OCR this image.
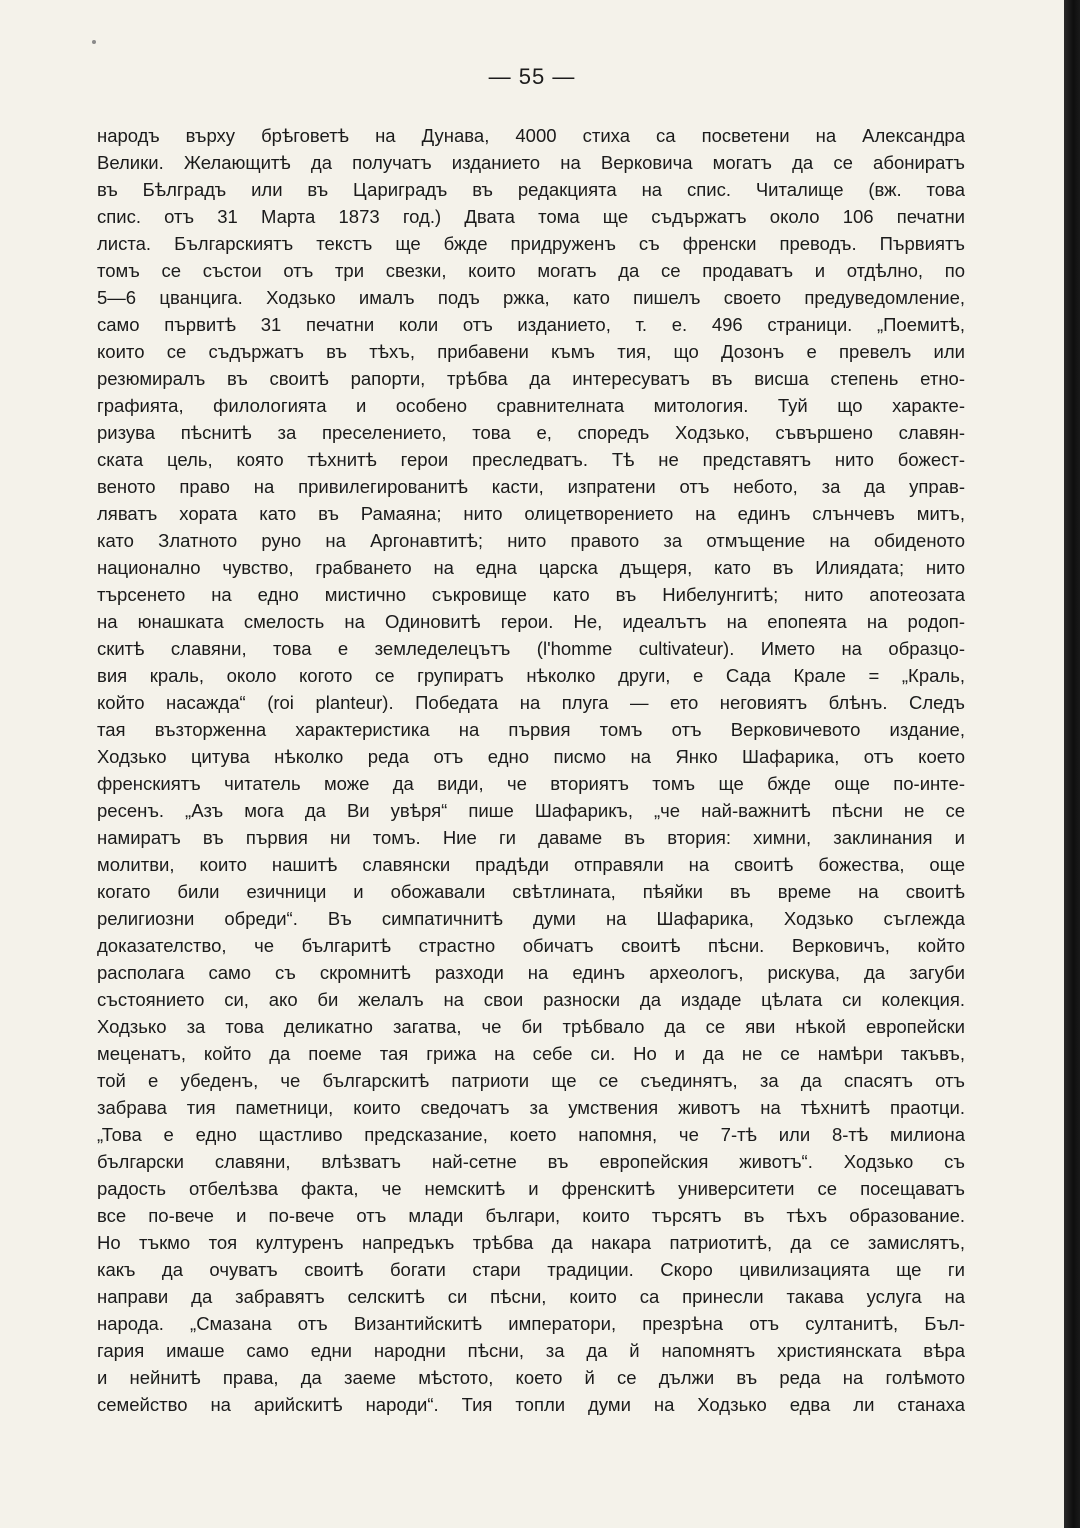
— 55 —
народъ върху брѣговетѣ на Дунава, 4000 стиха са посветени на Александра
Велики. Желающитѣ да получатъ изданието на Верковича могатъ да се абониратъ
въ Бѣлградъ или въ Цариградъ въ редакцията на спис. Читалище (вж. това
спис. отъ 31 Марта 1873 год.) Двата тома ще съдържатъ около 106 печатни
листа. Българскиятъ текстъ ще бжде придруженъ съ френски преводъ. Първиятъ
томъ се състои отъ три свезки, които могатъ да се продаватъ и отдѣлно, по
5—6 цванцига. Ходзько ималъ подъ ржка, като пишелъ своето предуведомление,
само първитѣ 31 печатни коли отъ изданието, т. е. 496 страници. „Поемитѣ,
които се съдържатъ въ тѣхъ, прибавени къмъ тия, що Дозонъ е превелъ или
резюмиралъ въ своитѣ рапорти, трѣбва да интересуватъ въ висша степень етно-
графията, филологията и особено сравнителната митология. Туй що характе-
ризува пѣснитѣ за преселението, това е, споредъ Ходзько, съвършено славян-
ската цель, която тѣхнитѣ герои преследватъ. Тѣ не представятъ нито божест-
веното право на привилегированитѣ касти, изпратени отъ небото, за да управ-
ляватъ хората като въ Рамаяна; нито олицетворението на единъ слънчевъ митъ,
като Златното руно на Аргонавтитѣ; нито правото за отмъщение на обиденото
национално чувство, грабването на една царска дъщеря, като въ Илиядата; нито
търсенето на едно мистично съкровище като въ Нибелунгитѣ; нито апотеозата
на юнашката смелость на Одиновитѣ герои. Не, идеалътъ на епопеята на родоп-
скитѣ славяни, това е земледелецътъ (l'homme cultivateur). Името на образцо-
вия краль, около когото се групиратъ нѣколко други, е Сада Крале = „Краль,
който насажда“ (roi planteur). Победата на плуга — ето неговиятъ блѣнъ. Следъ
тая възторженна характеристика на първия томъ отъ Верковичевото издание,
Ходзько цитува нѣколко реда отъ едно писмо на Янко Шафарика, отъ което
френскиятъ читатель може да види, че вториятъ томъ ще бжде още по-инте-
ресенъ. „Азъ мога да Ви увѣря“ пише Шафарикъ, „че най-важнитѣ пѣсни не се
намиратъ въ първия ни томъ. Ние ги даваме въ втория: химни, заклинания и
молитви, които нашитѣ славянски прадѣди отправяли на своитѣ божества, още
когато били езичници и обожавали свѣтлината, пѣяйки въ време на своитѣ
религиозни обреди“. Въ симпатичнитѣ думи на Шафарика, Ходзько съглежда
доказателство, че българитѣ страстно обичатъ своитѣ пѣсни. Верковичъ, който
располага само съ скромнитѣ разходи на единъ археологъ, рискува, да загуби
състоянието си, ако би желалъ на свои разноски да издаде цѣлата си колекция.
Ходзько за това деликатно загатва, че би трѣбвало да се яви нѣкой европейски
меценатъ, който да поеме тая грижа на себе си. Но и да не се намѣри такъвъ,
той е убеденъ, че българскитѣ патриоти ще се съединятъ, за да спасятъ отъ
забрава тия паметници, които сведочатъ за умствения животъ на тѣхнитѣ праотци.
„Това е едно щастливо предсказание, което напомня, че 7-тѣ или 8-тѣ милиона
български славяни, влѣзватъ най-сетне въ европейския животъ“. Ходзько съ
радость отбелѣзва факта, че немскитѣ и френскитѣ университети се посещаватъ
все по-вече и по-вече отъ млади българи, които търсятъ въ тѣхъ образование.
Но тъкмо тоя културенъ напредъкъ трѣбва да накара патриотитѣ, да се замислятъ,
какъ да очуватъ своитѣ богати стари традиции. Скоро цивилизацията ще ги
направи да забравятъ селскитѣ си пѣсни, които са принесли такава услуга на
народа. „Смазана отъ Византийскитѣ императори, презрѣна отъ султанитѣ, Бъл-
гария имаше само едни народни пѣсни, за да й напомнятъ християнската вѣра
и нейнитѣ права, да заеме мѣстото, което й се дължи въ реда на голѣмото
семейство на арийскитѣ народи“. Тия топли думи на Ходзько едва ли станаха
